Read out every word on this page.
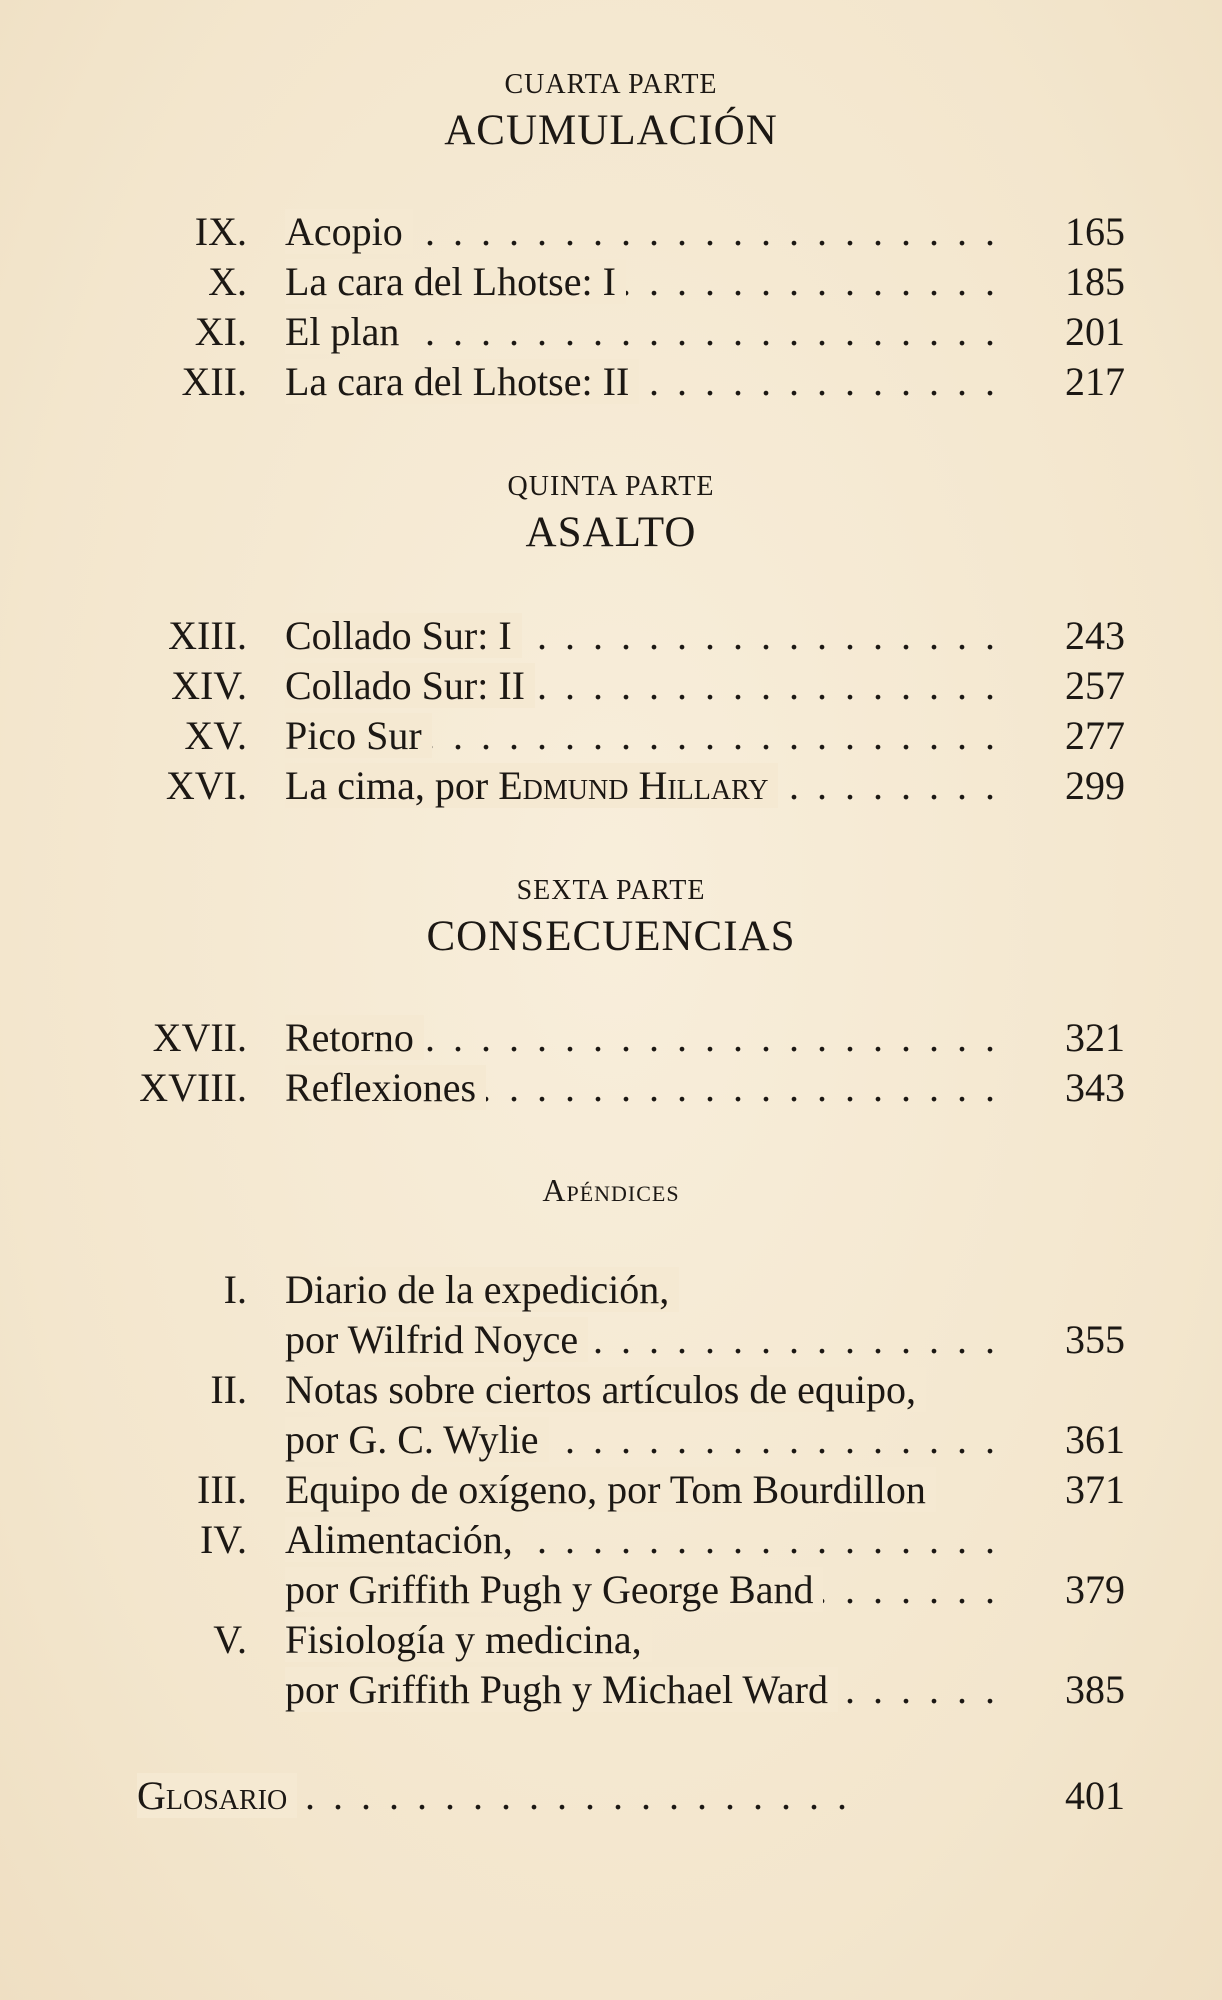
CUARTA PARTE
ACUMULACIÓN
IX. Acopio . . .	165
X. La cara del Lhotse: I . . .	185
XI. El plan . . .	201
XII. La cara del Lhotse: II . . .	217
QUINTA PARTE
ASALTO
XIII. Collado Sur: I . . .	243
XIV. Collado Sur: II . . .	257
XV. Pico Sur . . .	277
XVI. La cima, por Edmund Hillary . . .	299
SEXTA PARTE
CONSECUENCIAS
XVII. Retorno . . .	321
XVIII. Reflexiones . . .	343
Apéndices
I. Diario de la expedición,
por Wilfrid Noyce . . .	355
II. Notas sobre ciertos artículos de equipo,
por G. C. Wylie . . .	361
III. Equipo de oxígeno, por Tom Bourdillon	371
IV. Alimentación, . . .
por Griffith Pugh y George Band . . .	379
V. Fisiología y medicina,
por Griffith Pugh y Michael Ward . . .	385
Glosario . . .	401
